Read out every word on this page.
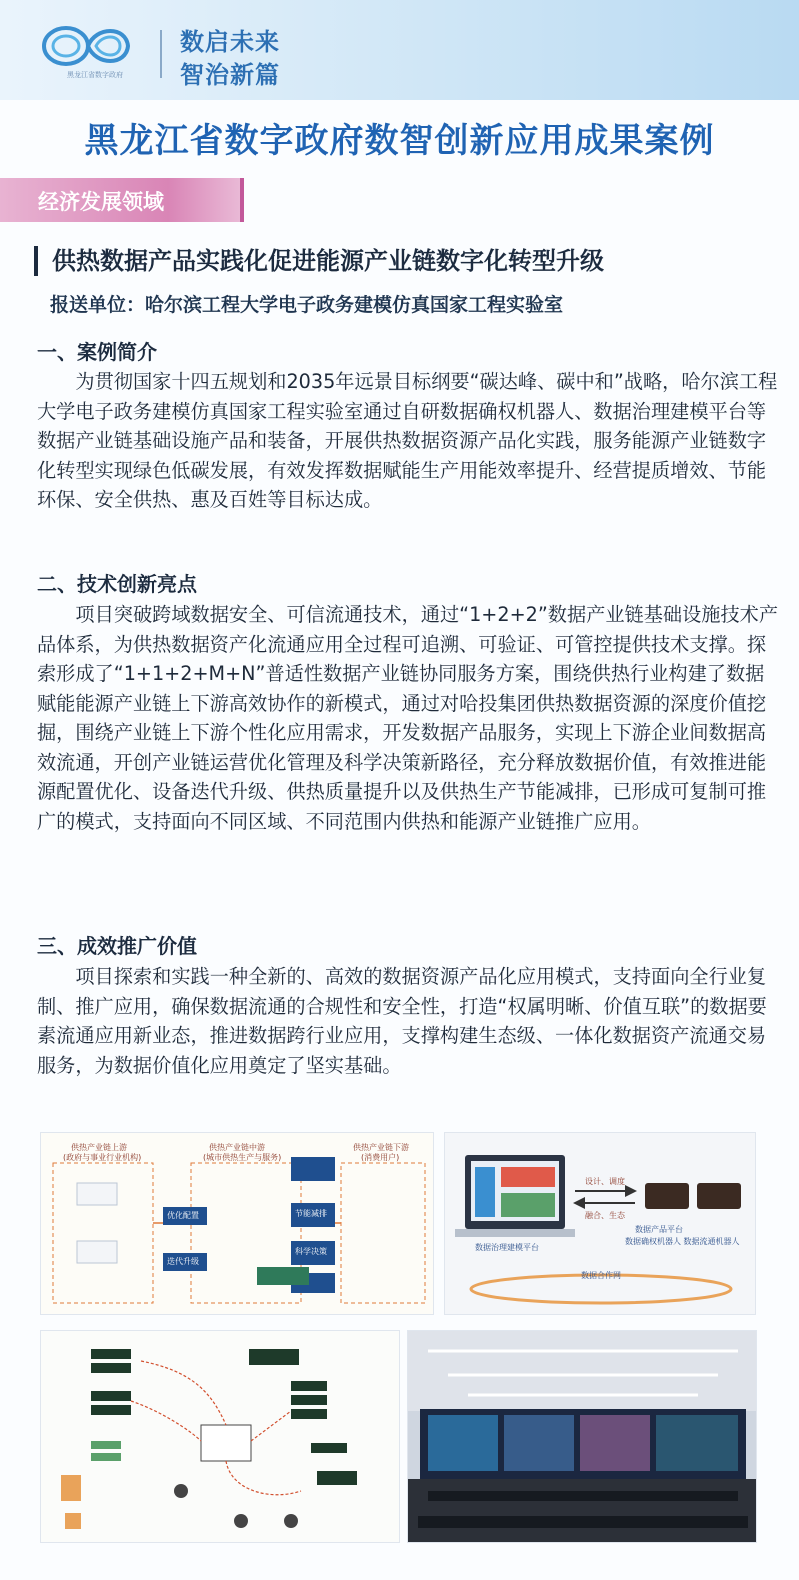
黑龙江省数字政府
数启未来
智治新篇
黑龙江省数字政府数智创新应用成果案例
经济发展领域
供热数据产品实践化促进能源产业链数字化转型升级
报送单位：哈尔滨工程大学电子政务建模仿真国家工程实验室
一、案例简介
为贯彻国家十四五规划和2035年远景目标纲要“碳达峰、碳中和”战略，哈尔滨工程大学电子政务建模仿真国家工程实验室通过自研数据确权机器人、数据治理建模平台等数据产业链基础设施产品和装备，开展供热数据资源产品化实践，服务能源产业链数字化转型实现绿色低碳发展，有效发挥数据赋能生产用能效率提升、经营提质增效、节能环保、安全供热、惠及百姓等目标达成。
二、技术创新亮点
项目突破跨域数据安全、可信流通技术，通过“1+2+2”数据产业链基础设施技术产品体系，为供热数据资产化流通应用全过程可追溯、可验证、可管控提供技术支撑。探索形成了“1+1+2+M+N”普适性数据产业链协同服务方案，围绕供热行业构建了数据赋能能源产业链上下游高效协作的新模式，通过对哈投集团供热数据资源的深度价值挖掘，围绕产业链上下游个性化应用需求，开发数据产品服务，实现上下游企业间数据高效流通，开创产业链运营优化管理及科学决策新路径，充分释放数据价值，有效推进能源配置优化、设备迭代升级、供热质量提升以及供热生产节能减排，已形成可复制可推广的模式，支持面向不同区域、不同范围内供热和能源产业链推广应用。
三、成效推广价值
项目探索和实践一种全新的、高效的数据资源产品化应用模式，支持面向全行业复制、推广应用，确保数据流通的合规性和安全性，打造“权属明晰、价值互联”的数据要素流通应用新业态，推进数据跨行业应用，支撑构建生态级、一体化数据资产流通交易服务，为数据价值化应用奠定了坚实基础。
供热产业链上游
(政府与事业行业机构)
供热产业链中游
(城市供热生产与服务)
供热产业链下游
(消费用户)
优化配置
迭代升级
节能减排
科学决策	数据治理建模平台
数据产品平台
数据确权机器人 数据流通机器人
设计、调度
融合、生态
数据合作网
